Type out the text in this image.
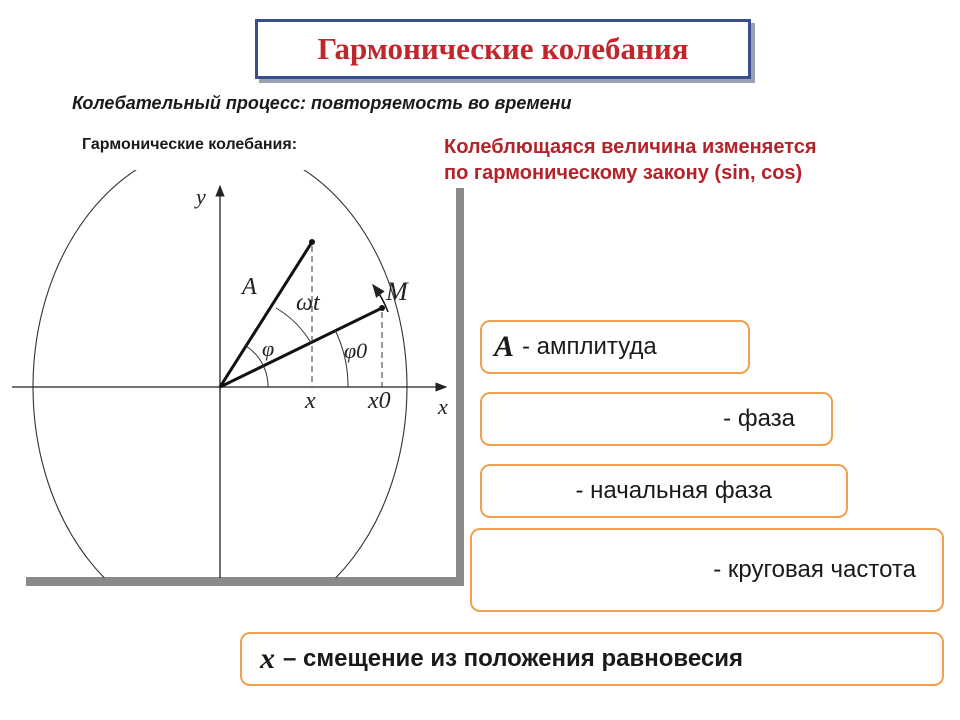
Гармонические колебания
Колебательный процесс: повторяемость во времени
Гармонические колебания:	Колеблющаяся величина изменяется
по гармоническому закону (sin, cos)
y
x
A	M
ωt
φ	φ0
x x0
A - амплитуда
- фаза
- начальная фаза
- круговая частота
x – смещение из положения равновесия
